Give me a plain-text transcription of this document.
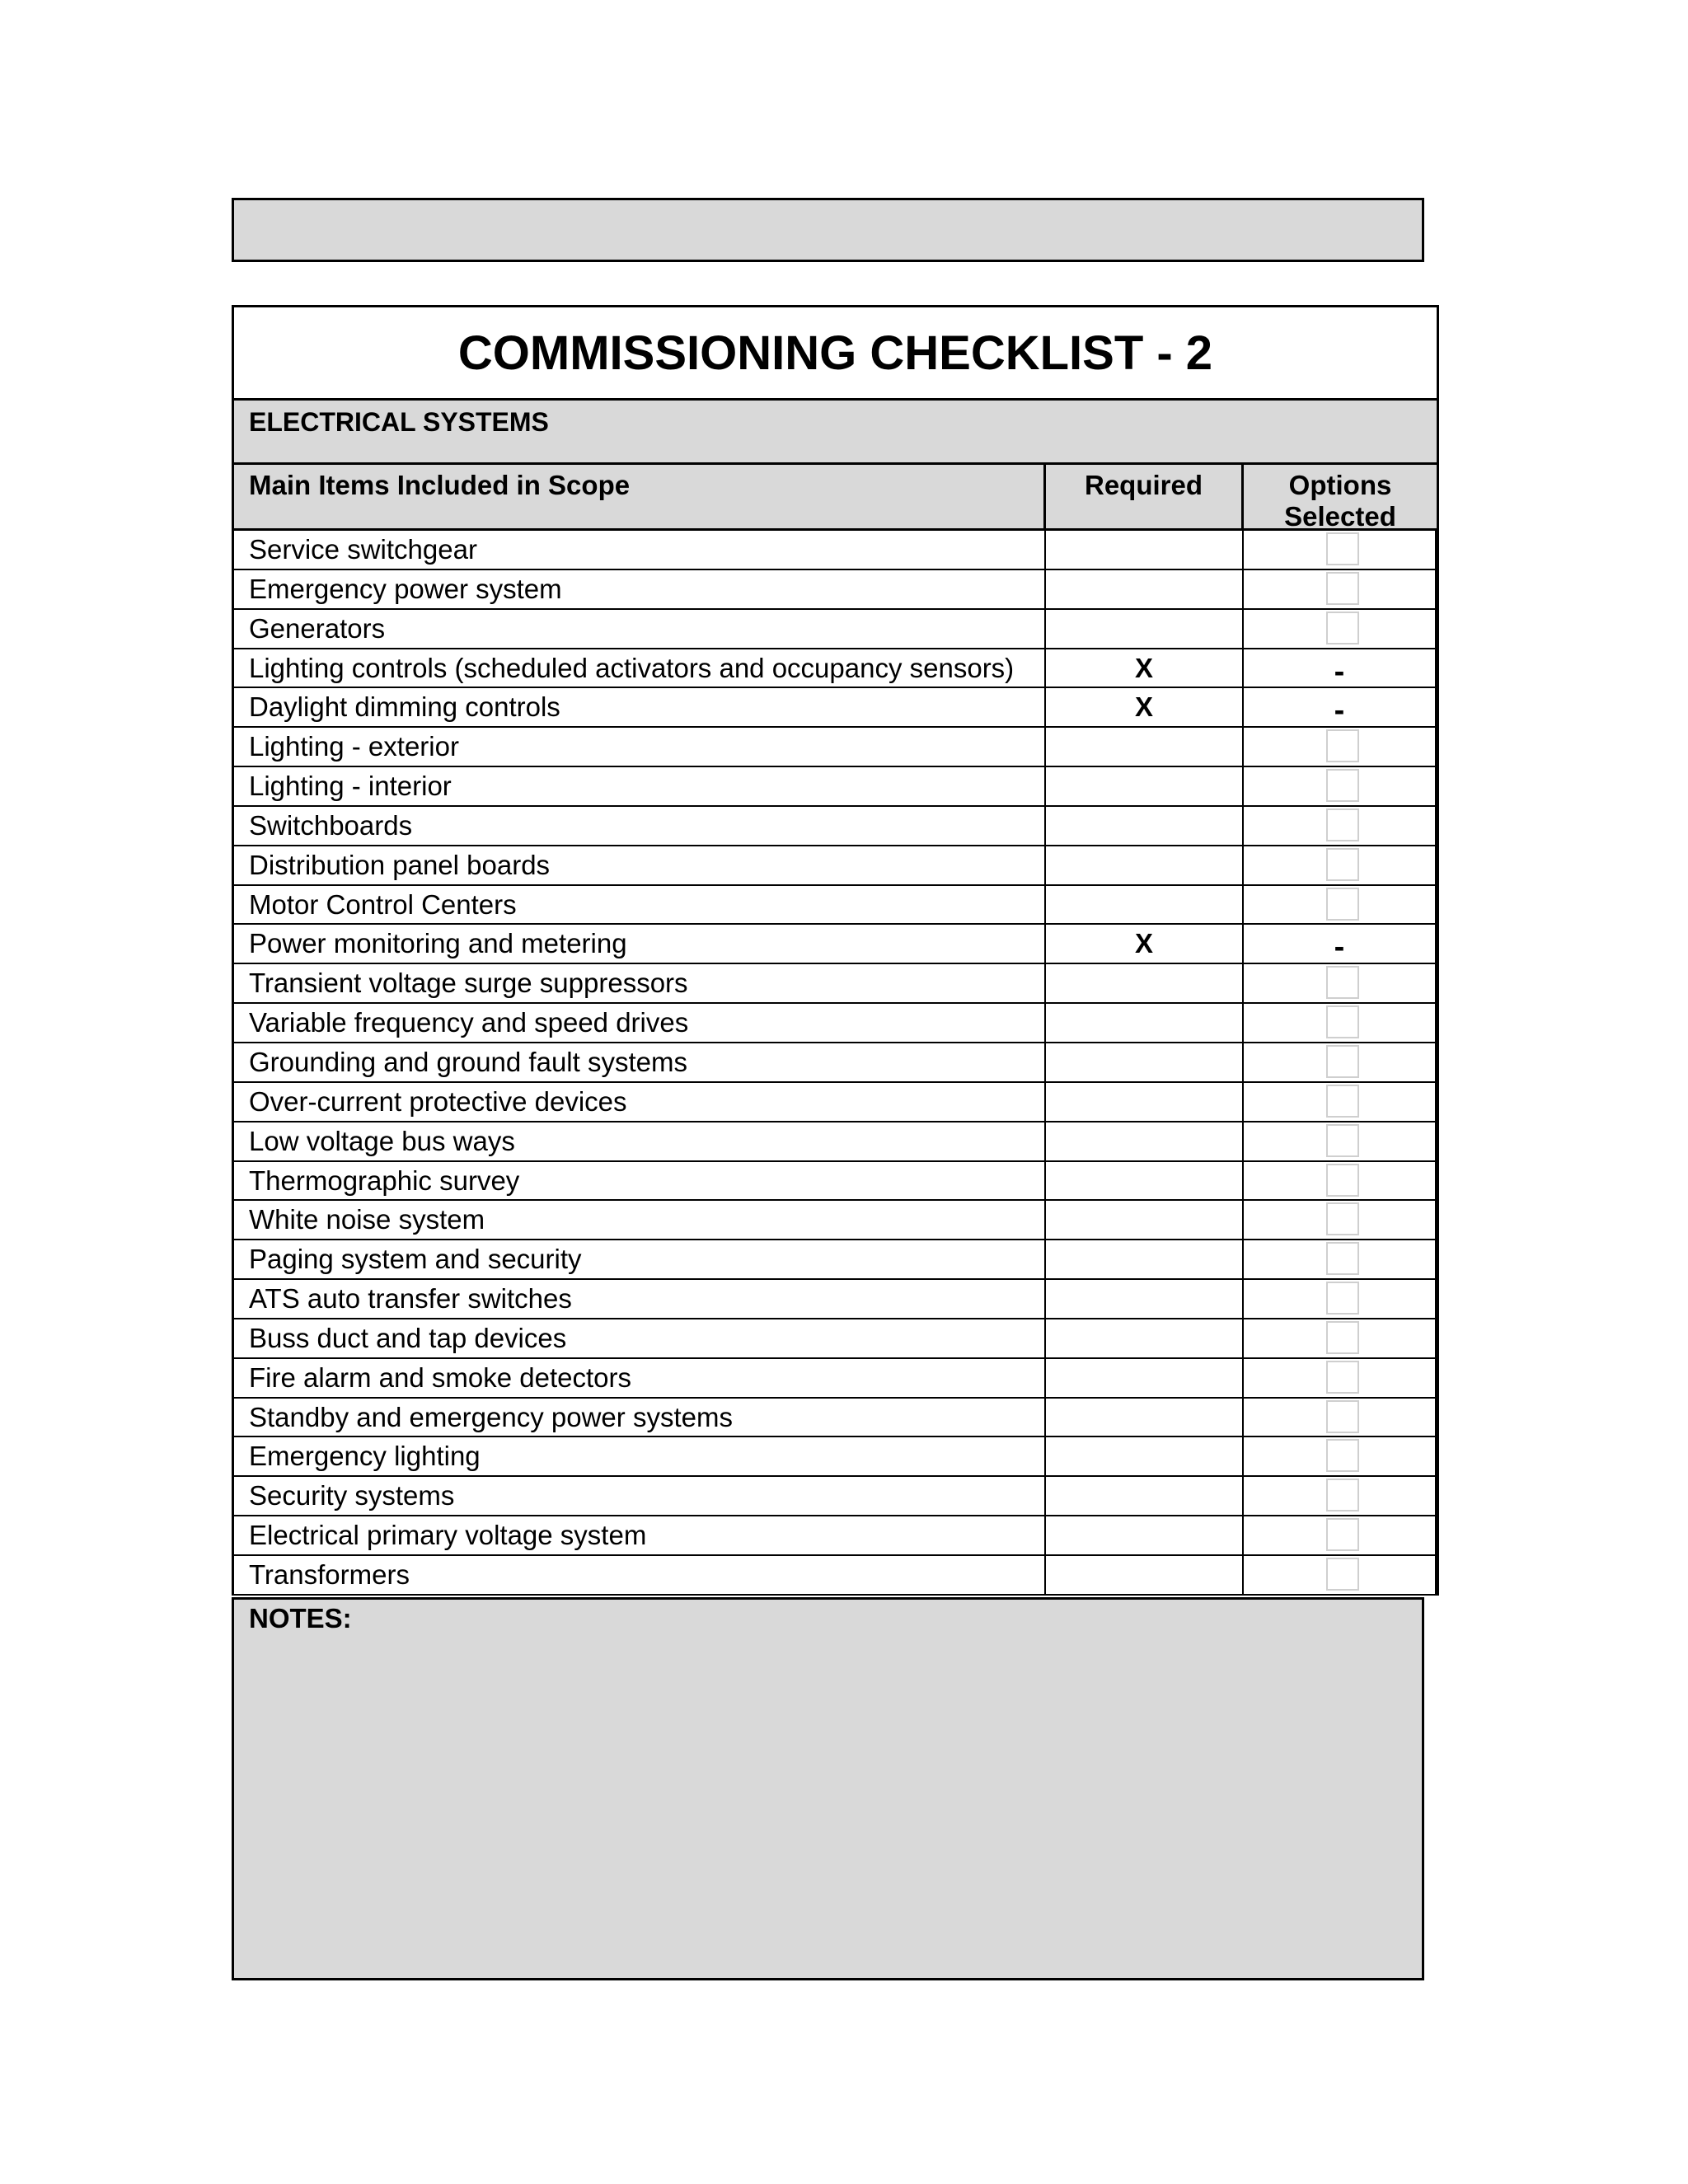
COMMISSIONING CHECKLIST - 2
ELECTRICAL SYSTEMS
Main Items Included in Scope	Required	Options Selected
Service switchgear
Emergency power system
Generators
Lighting controls (scheduled activators and occupancy sensors)	X	-
Daylight dimming controls	X	-
Lighting - exterior
Lighting - interior
Switchboards
Distribution panel boards
Motor Control Centers
Power monitoring and metering	X	-
Transient voltage surge suppressors
Variable frequency and speed drives
Grounding and ground fault systems
Over-current protective devices
Low voltage bus ways
Thermographic survey
White noise system
Paging system and security
ATS auto transfer switches
Buss duct and tap devices
Fire alarm and smoke detectors
Standby and emergency power systems
Emergency lighting
Security systems
Electrical primary voltage system
Transformers
NOTES:
